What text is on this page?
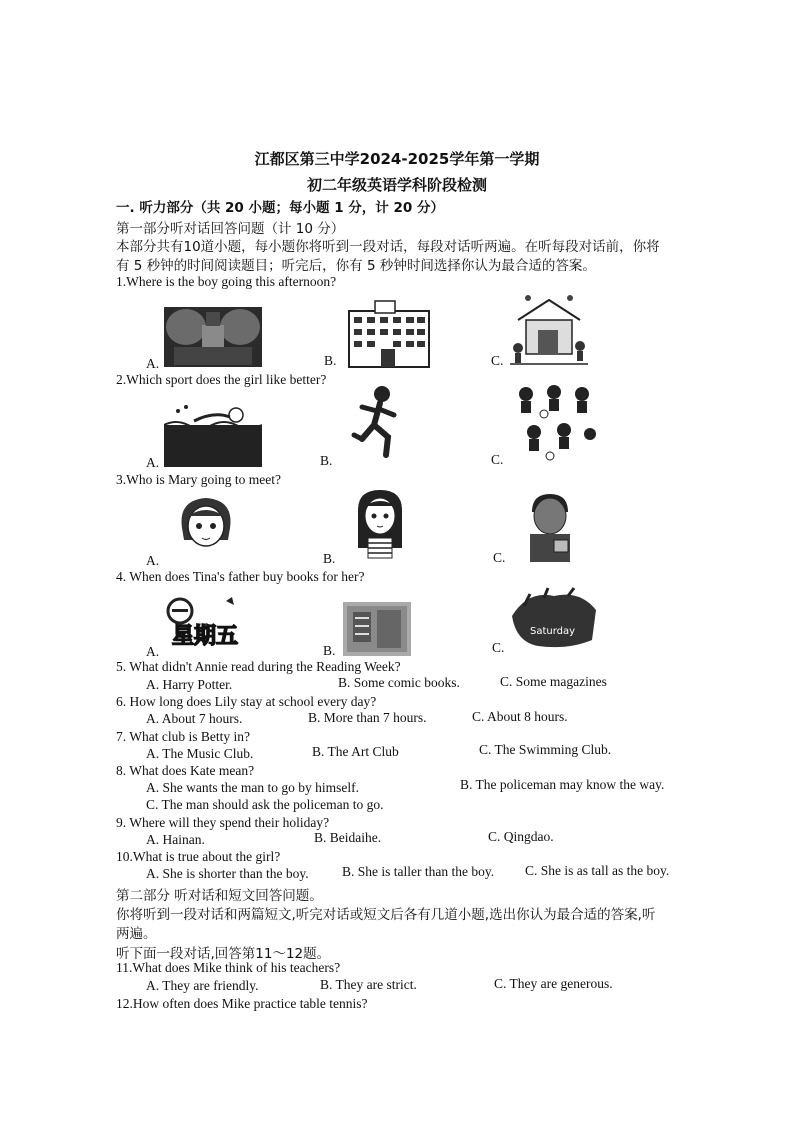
江都区第三中学2024-2025学年第一学期
初二年级英语学科阶段检测
一. 听力部分（共 20 小题；每小题 1 分，计 20 分）
第一部分听对话回答问题（计 10 分）
本部分共有10道小题，每小题你将听到一段对话，每段对话听两遍。在听每段对话前，你将
有 5 秒钟的时间阅读题目；听完后，你有 5 秒钟时间选择你认为最合适的答案。
1.Where is the boy going this afternoon?
A.	B.	C.
2.Which sport does the girl like better?
A.	B.	C.
3.Who is Mary going to meet?
A.	B.	C.
4. When does Tina's father buy books for her?
A.	B.	C.
星期五	Saturday
5. What didn't Annie read during the Reading Week?
A. Harry Potter.	B. Some comic books.	C. Some magazines
6. How long does Lily stay at school every day?
A. About 7 hours.	B. More than 7 hours.	C. About 8 hours.
7. What club is Betty in?
A. The Music Club.	B. The Art Club	C. The Swimming Club.
8. What does Kate mean?
A. She wants the man to go by himself.	B. The policeman may know the way.
C. The man should ask the policeman to go.
9. Where will they spend their holiday?
A. Hainan.	B. Beidaihe.	C. Qingdao.
10.What is true about the girl?
A. She is shorter than the boy. B. She is taller than the boy. C. She is as tall as the boy.
第二部分 听对话和短文回答问题。
你将听到一段对话和两篇短文,听完对话或短文后各有几道小题,选出你认为最合适的答案,听
两遍。
听下面一段对话,回答第11～12题。
11.What does Mike think of his teachers?
A. They are friendly.	B. They are strict.	C. They are generous.
12.How often does Mike practice table tennis?
